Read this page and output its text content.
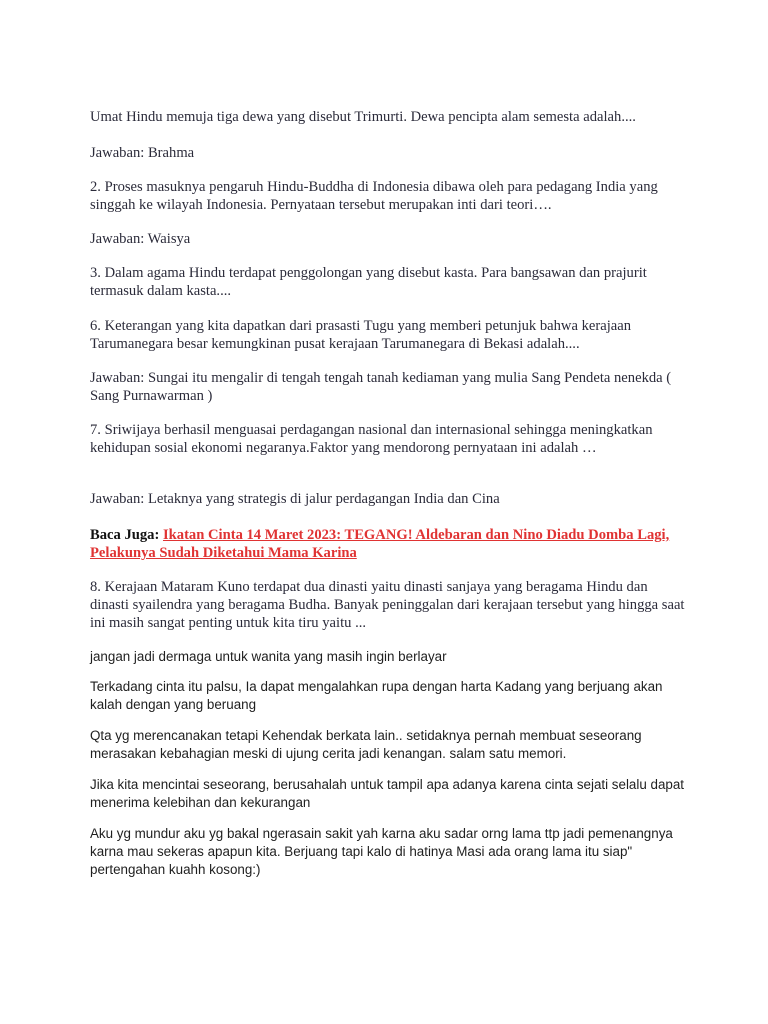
Umat Hindu memuja tiga dewa yang disebut Trimurti. Dewa pencipta alam semesta adalah....

Jawaban: Brahma

2. Proses masuknya pengaruh Hindu-Buddha di Indonesia dibawa oleh para pedagang India yang singgah ke wilayah Indonesia. Pernyataan tersebut merupakan inti dari teori….

Jawaban: Waisya

3. Dalam agama Hindu terdapat penggolongan yang disebut kasta. Para bangsawan dan prajurit termasuk dalam kasta....

6. Keterangan yang kita dapatkan dari prasasti Tugu yang memberi petunjuk bahwa kerajaan Tarumanegara besar kemungkinan pusat kerajaan Tarumanegara di Bekasi adalah....

Jawaban: Sungai itu mengalir di tengah tengah tanah kediaman yang mulia Sang Pendeta nenekda ( Sang Purnawarman )

7. Sriwijaya berhasil menguasai perdagangan nasional dan internasional sehingga meningkatkan kehidupan sosial ekonomi negaranya.Faktor yang mendorong pernyataan ini adalah …

Jawaban: Letaknya yang strategis di jalur perdagangan India dan Cina

Baca Juga: Ikatan Cinta 14 Maret 2023: TEGANG! Aldebaran dan Nino Diadu Domba Lagi, Pelakunya Sudah Diketahui Mama Karina

8. Kerajaan Mataram Kuno terdapat dua dinasti yaitu dinasti sanjaya yang beragama Hindu dan dinasti syailendra yang beragama Budha. Banyak peninggalan dari kerajaan tersebut yang hingga saat ini masih sangat penting untuk kita tiru yaitu ...

jangan jadi dermaga untuk wanita yang masih ingin berlayar

Terkadang cinta itu palsu, Ia dapat mengalahkan rupa dengan harta Kadang yang berjuang akan kalah dengan yang beruang

Qta yg merencanakan tetapi Kehendak berkata lain.. setidaknya pernah membuat seseorang merasakan kebahagian meski di ujung cerita jadi kenangan. salam satu memori.

Jika kita mencintai seseorang, berusahalah untuk tampil apa adanya karena cinta sejati selalu dapat menerima kelebihan dan kekurangan

Aku yg mundur aku yg bakal ngerasain sakit yah karna aku sadar orng lama ttp jadi pemenangnya karna mau sekeras apapun kita. Berjuang tapi kalo di hatinya Masi ada orang lama itu siap" pertengahan kuahh kosong:)
